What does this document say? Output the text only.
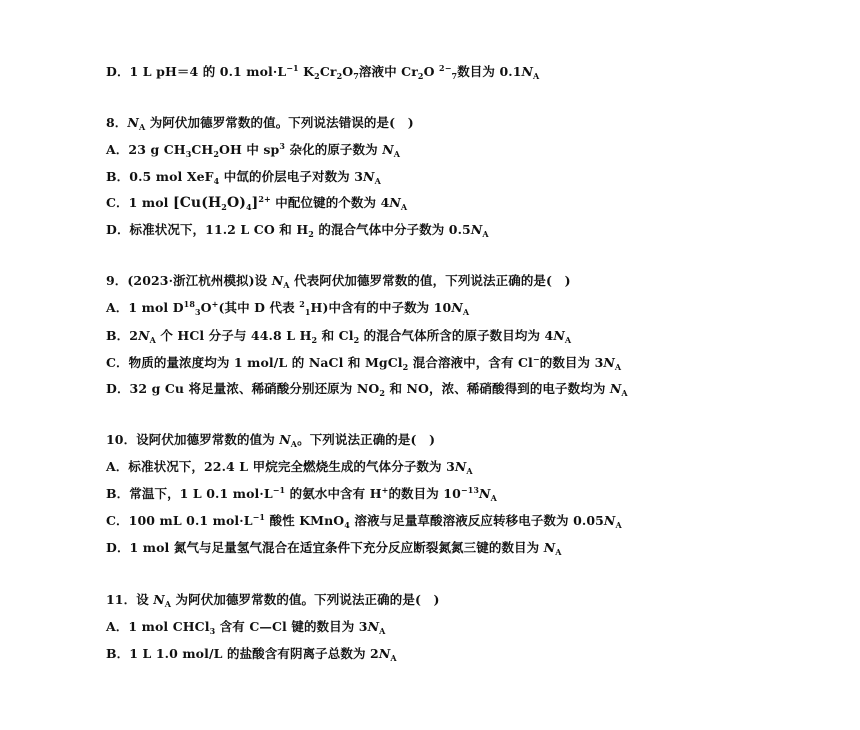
D．1 L pH＝4 的 0.1 $mol\cdot L^{-1}$ $K_2Cr_2O_7$溶液中 $Cr_2O$ $^{2-}_7$数目为 $0.1N_A$
8．$N_A$ 为阿伏加德罗常数的值。下列说法错误的是(　)
A．23 g $CH_3CH_2OH$ 中 $sp^3$ 杂化的原子数为 $N_A$
B．0.5 mol XeF$_4$ 中氙的价层电子对数为 $3N_A$
C．1 mol $[Cu(H_2O)_4]^{2+}$ 中配位键的个数为 $4N_A$
D．标准状况下，11.2 L CO 和 $H_2$ 的混合气体中分子数为 $0.5N_A$
9．(2023·浙江杭州模拟)设 $N_A$ 代表阿伏加德罗常数的值，下列说法正确的是(　)
A．1 mol $D^{18}_3O^+$(其中 D 代表 $^2_1$H)中含有的中子数为 $10N_A$
B．$2N_A$ 个 HCl 分子与 44.8 L $H_2$ 和 $Cl_2$ 的混合气体所含的原子数目均为 $4N_A$
C．物质的量浓度均为 1 mol/L 的 NaCl 和 MgCl$_2$ 混合溶液中，含有 Cl−的数目为 $3N_A$
D．32 g Cu 将足量浓、稀硝酸分别还原为 $NO_2$ 和 NO，浓、稀硝酸得到的电子数均为 $N_A$
10．设阿伏加德罗常数的值为 $N_A$。下列说法正确的是(　)
A．标准状况下，22.4 L 甲烷完全燃烧生成的气体分子数为 $3N_A$
B．常温下，1 L 0.1 $mol\cdot L^{-1}$ 的氨水中含有 H+的数目为 $10^{-13}N_A$
C．100 mL 0.1 $mol\cdot L^{-1}$ 酸性 KMnO$_4$ 溶液与足量草酸溶液反应转移电子数为 $0.05N_A$
D．1 mol 氮气与足量氢气混合在适宜条件下充分反应断裂氮氮三键的数目为 $N_A$
11．设 $N_A$ 为阿伏加德罗常数的值。下列说法正确的是(　)
A．1 mol CHCl$_3$ 含有 C—Cl 键的数目为 $3N_A$
B．1 L 1.0 mol/L 的盐酸含有阴离子总数为 $2N_A$
